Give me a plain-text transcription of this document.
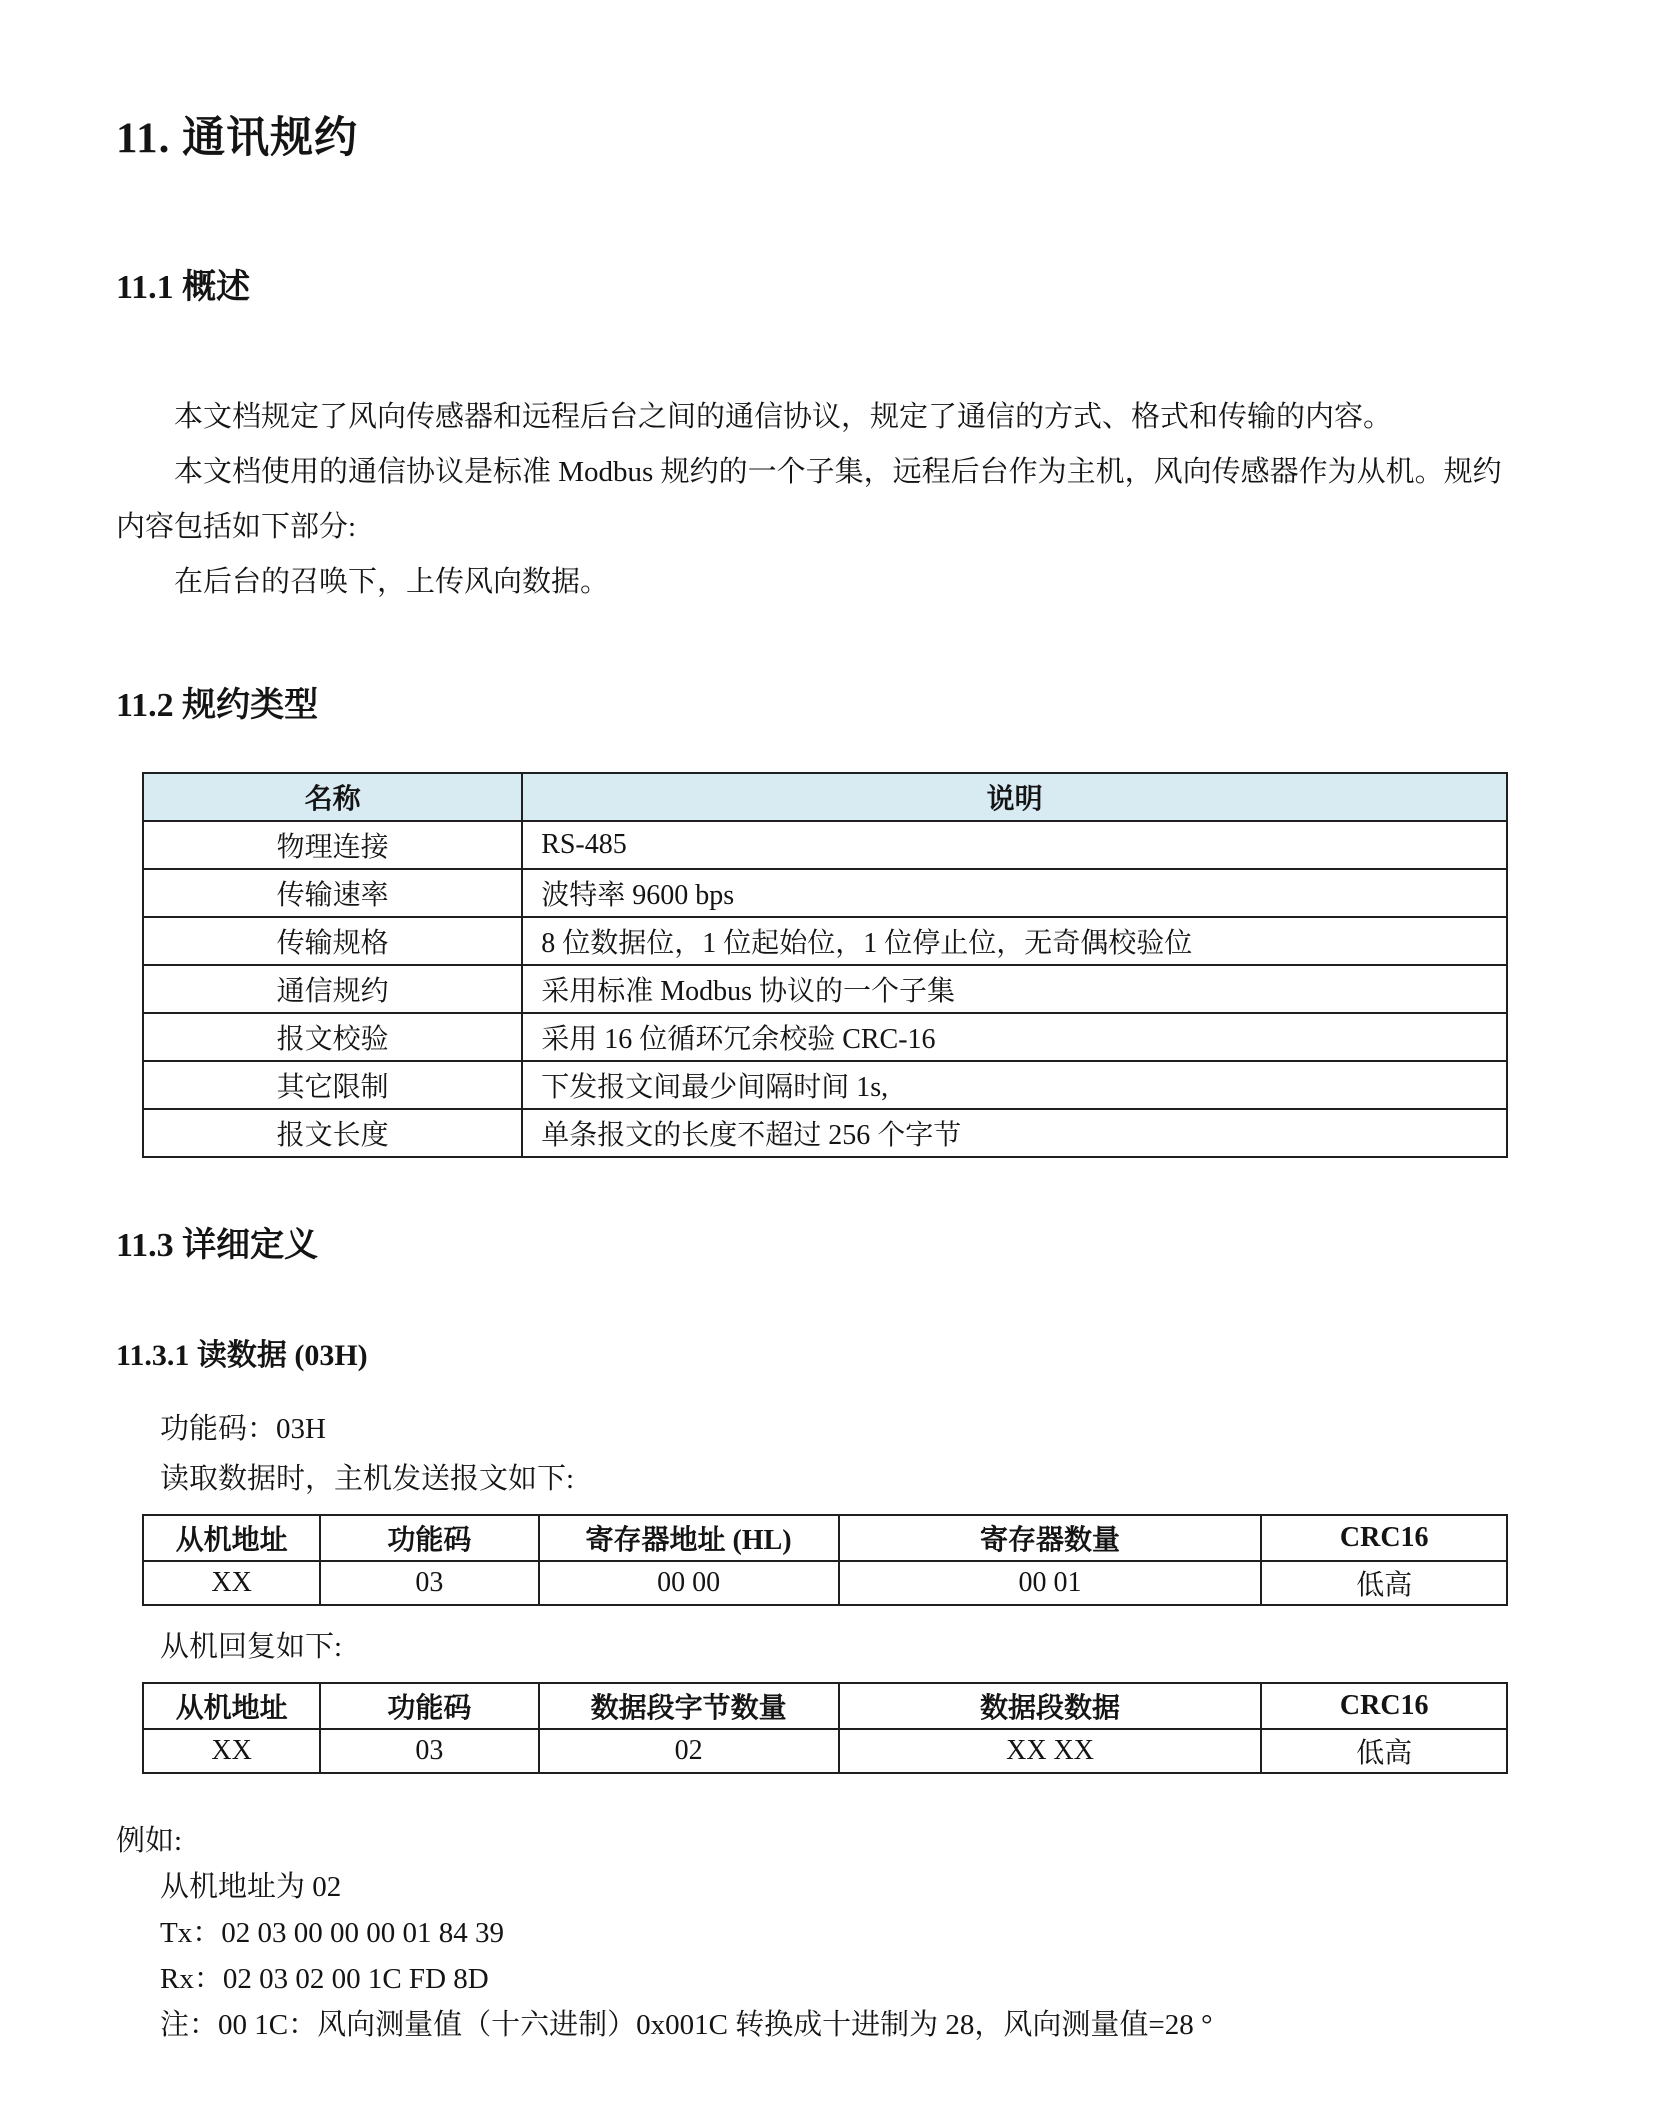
11. 通讯规约
11.1 概述

本文档规定了风向传感器和远程后台之间的通信协议，规定了通信的方式、格式和传输的内容。

本文档使用的通信协议是标准 Modbus 规约的一个子集，远程后台作为主机，风向传感器作为从机。规约内容包括如下部分:

在后台的召唤下，上传风向数据。

11.2 规约类型
名称	说明
物理连接	RS-485
传输速率	波特率 9600 bps
传输规格	8 位数据位，1 位起始位，1 位停止位，无奇偶校验位
通信规约	采用标准 Modbus 协议的一个子集
报文校验	采用 16 位循环冗余校验 CRC-16
其它限制	下发报文间最少间隔时间 1s,
报文长度	单条报文的长度不超过 256 个字节
11.3 详细定义
11.3.1 读数据 (03H)

功能码：03H

读取数据时，主机发送报文如下:

从机地址	功能码	寄存器地址 (HL)	寄存器数量	CRC16
XX	03	00 00	00 01	低高

从机回复如下:

从机地址	功能码	数据段字节数量	数据段数据	CRC16
XX	03	02	XX XX	低高

例如:

从机地址为 02

Tx：02 03 00 00 00 01 84 39

Rx：02 03 02 00 1C FD 8D

注：00 1C：风向测量值（十六进制）0x001C 转换成十进制为 28，风向测量值=28 °
